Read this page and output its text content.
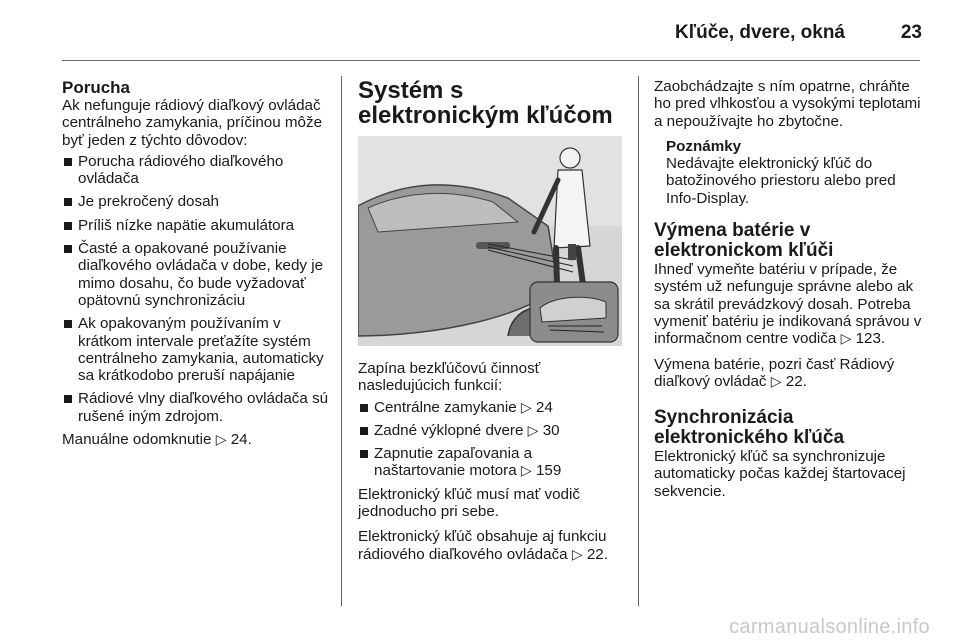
Kľúče, dvere, okná	23
Porucha

Ak nefunguje rádiový diaľkový ovládač centrálneho zamykania, príčinou môže byť jeden z týchto dôvodov:

Porucha rádiového diaľkového ovládača
Je prekročený dosah
Príliš nízke napätie akumulátora
Časté a opakované používanie diaľkového ovládača v dobe, kedy je mimo dosahu, čo bude vyžadovať opätovnú synchronizáciu
Ak opakovaným používaním v krátkom intervale preťažíte systém centrálneho zamykania, automaticky sa krátkodobo preruší napájanie
Rádiové vlny diaľkového ovládača sú rušené iným zdrojom.

Manuálne odomknutie ▷ 24.

Systém s elektronickým kľúčom

Zapína bezkľúčovú činnosť nasledujúcich funkcií:

Centrálne zamykanie ▷ 24
Zadné výklopné dvere ▷ 30
Zapnutie zapaľovania a naštartovanie motora ▷ 159

Elektronický kľúč musí mať vodič jednoducho pri sebe.

Elektronický kľúč obsahuje aj funkciu rádiového diaľkového ovládača ▷ 22.

Zaobchádzajte s ním opatrne, chráňte ho pred vlhkosťou a vysokými teplotami a nepoužívajte ho zbytočne.

Poznámky
Nedávajte elektronický kľúč do batožinového priestoru alebo pred Info-Display.
Výmena batérie v elektronickom kľúči

Ihneď vymeňte batériu v prípade, že systém už nefunguje správne alebo ak sa skrátil prevádzkový dosah. Potreba vymeniť batériu je indikovaná správou v informačnom centre vodiča ▷ 123.

Výmena batérie, pozri časť Rádiový diaľkový ovládač ▷ 22.

Synchronizácia elektronického kľúča

Elektronický kľúč sa synchronizuje automaticky počas každej štartovacej sekvencie.

carmanualsonline.info
